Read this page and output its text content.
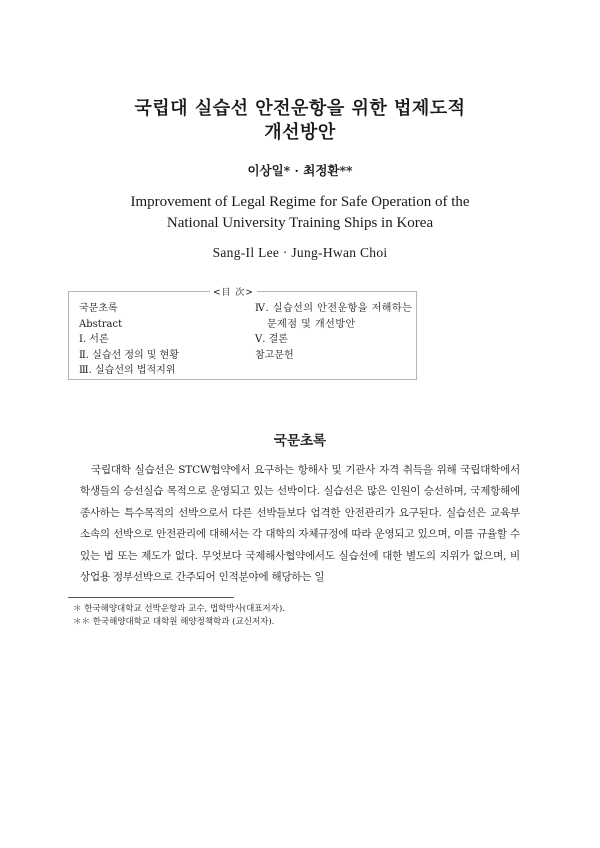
국립대 실습선 안전운항을 위한 법제도적
개선방안
이상일* · 최정환**
Improvement of Legal Regime for Safe Operation of the
National University Training Ships in Korea
Sang-Il Lee · Jung-Hwan Choi
국문초록
Abstract
Ⅰ. 서론
Ⅱ. 실습선 정의 및 현황
Ⅲ. 실습선의 법적지위
Ⅳ. 실습선의 안전운항을 저해하는 문제점 및 개선방안
Ⅴ. 결론
참고문헌
<目 次>
국문초록
국립대학 실습선은 STCW협약에서 요구하는 항해사 및 기관사 자격 취득을 위해 국립대학에서 학생들의 승선실습 목적으로 운영되고 있는 선박이다. 실습선은 많은 인원이 승선하며, 국제항해에 종사하는 특수목적의 선박으로서 다른 선박들보다 엄격한 안전관리가 요구된다. 실습선은 교육부 소속의 선박으로 안전관리에 대해서는 각 대학의 자체규정에 따라 운영되고 있으며, 이를 규율할 수 있는 법 또는 제도가 없다. 무엇보다 국제해사협약에서도 실습선에 대한 별도의 지위가 없으며, 비상업용 정부선박으로 간주되어 인적분야에 해당하는 일
＊ 한국해양대학교 선박운항과 교수, 법학박사(대표저자).
＊＊ 한국해양대학교 대학원 해양정책학과 (교신저자).
